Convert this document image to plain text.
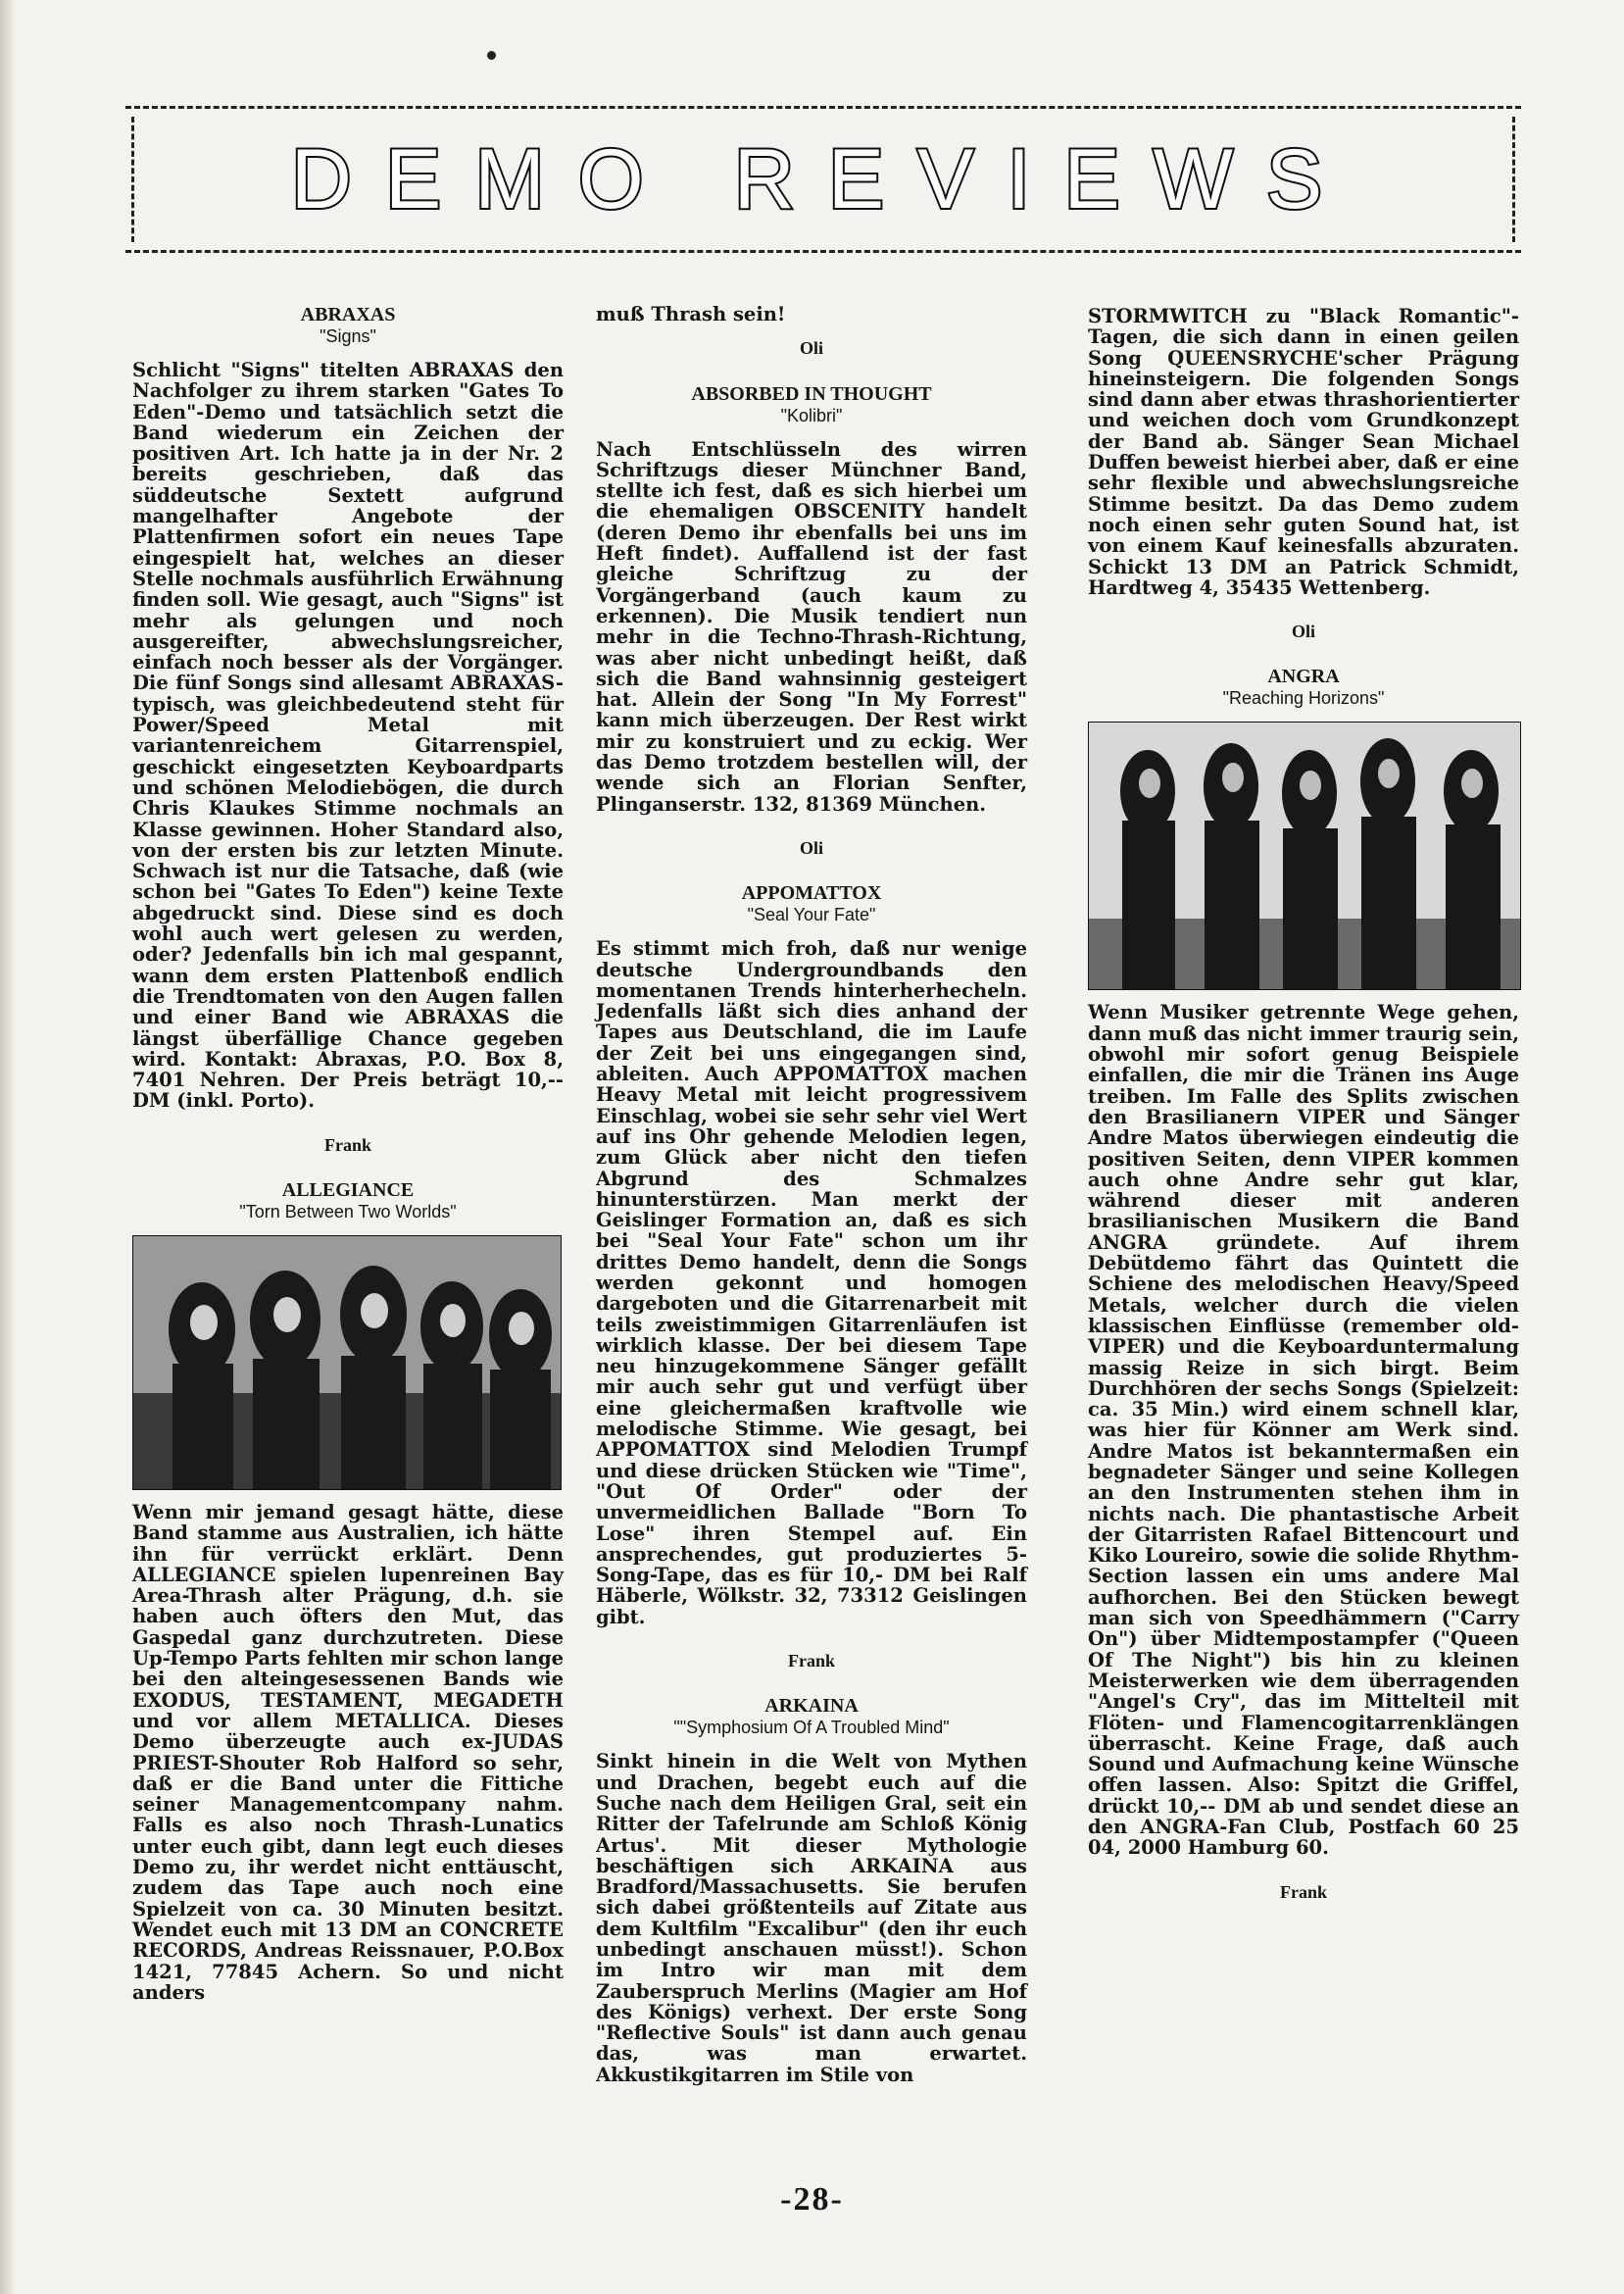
DEMO REVIEWS
ABRAXAS
"Signs"

Schlicht "Signs" titelten ABRAXAS den Nachfolger zu ihrem starken "Gates To Eden"-Demo und tatsächlich setzt die Band wiederum ein Zeichen der positiven Art. Ich hatte ja in der Nr. 2 bereits geschrieben, daß das süddeutsche Sextett aufgrund mangelhafter Angebote der Plattenfirmen sofort ein neues Tape eingespielt hat, welches an dieser Stelle nochmals ausführlich Erwähnung finden soll. Wie gesagt, auch "Signs" ist mehr als gelungen und noch ausgereifter, abwechslungsreicher, einfach noch besser als der Vorgänger. Die fünf Songs sind allesamt ABRAXAS-typisch, was gleichbedeutend steht für Power/Speed Metal mit variantenreichem Gitarrenspiel, geschickt eingesetzten Keyboardparts und schönen Melodiebögen, die durch Chris Klaukes Stimme nochmals an Klasse gewinnen. Hoher Standard also, von der ersten bis zur letzten Minute. Schwach ist nur die Tatsache, daß (wie schon bei "Gates To Eden") keine Texte abgedruckt sind. Diese sind es doch wohl auch wert gelesen zu werden, oder? Jedenfalls bin ich mal gespannt, wann dem ersten Plattenboß endlich die Trendtomaten von den Augen fallen und einer Band wie ABRAXAS die längst überfällige Chance gegeben wird. Kontakt: Abraxas, P.O. Box 8, 7401 Nehren. Der Preis beträgt 10,-- DM (inkl. Porto).

Frank
ALLEGIANCE
"Torn Between Two Worlds"

Wenn mir jemand gesagt hätte, diese Band stamme aus Australien, ich hätte ihn für verrückt erklärt. Denn ALLEGIANCE spielen lupenreinen Bay Area-Thrash alter Prägung, d.h. sie haben auch öfters den Mut, das Gaspedal ganz durchzutreten. Diese Up-Tempo Parts fehlten mir schon lange bei den alteingesessenen Bands wie EXODUS, TESTAMENT, MEGADETH und vor allem METALLICA. Dieses Demo überzeugte auch ex-JUDAS PRIEST-Shouter Rob Halford so sehr, daß er die Band unter die Fittiche seiner Managementcompany nahm. Falls es also noch Thrash-Lunatics unter euch gibt, dann legt euch dieses Demo zu, ihr werdet nicht enttäuscht, zudem das Tape auch noch eine Spielzeit von ca. 30 Minuten besitzt. Wendet euch mit 13 DM an CONCRETE RECORDS, Andreas Reissnauer, P.O.Box 1421, 77845 Achern. So und nicht anders

muß Thrash sein!

Oli
ABSORBED IN THOUGHT
"Kolibri"

Nach Entschlüsseln des wirren Schriftzugs dieser Münchner Band, stellte ich fest, daß es sich hierbei um die ehemaligen OBSCENITY handelt (deren Demo ihr ebenfalls bei uns im Heft findet). Auffallend ist der fast gleiche Schriftzug zu der Vorgängerband (auch kaum zu erkennen). Die Musik tendiert nun mehr in die Techno-Thrash-Richtung, was aber nicht unbedingt heißt, daß sich die Band wahnsinnig gesteigert hat. Allein der Song "In My Forrest" kann mich überzeugen. Der Rest wirkt mir zu konstruiert und zu eckig. Wer das Demo trotzdem bestellen will, der wende sich an Florian Senfter, Plinganserstr. 132, 81369 München.

Oli
APPOMATTOX
"Seal Your Fate"

Es stimmt mich froh, daß nur wenige deutsche Undergroundbands den momentanen Trends hinterherhecheln. Jedenfalls läßt sich dies anhand der Tapes aus Deutschland, die im Laufe der Zeit bei uns eingegangen sind, ableiten. Auch APPOMATTOX machen Heavy Metal mit leicht progressivem Einschlag, wobei sie sehr sehr viel Wert auf ins Ohr gehende Melodien legen, zum Glück aber nicht den tiefen Abgrund des Schmalzes hinunterstürzen. Man merkt der Geislinger Formation an, daß es sich bei "Seal Your Fate" schon um ihr drittes Demo handelt, denn die Songs werden gekonnt und homogen dargeboten und die Gitarrenarbeit mit teils zweistimmigen Gitarrenläufen ist wirklich klasse. Der bei diesem Tape neu hinzugekommene Sänger gefällt mir auch sehr gut und verfügt über eine gleichermaßen kraftvolle wie melodische Stimme. Wie gesagt, bei APPOMATTOX sind Melodien Trumpf und diese drücken Stücken wie "Time", "Out Of Order" oder der unvermeidlichen Ballade "Born To Lose" ihren Stempel auf. Ein ansprechendes, gut produziertes 5-Song-Tape, das es für 10,- DM bei Ralf Häberle, Wölkstr. 32, 73312 Geislingen gibt.

Frank
ARKAINA
""Symphosium Of A Troubled Mind"

Sinkt hinein in die Welt von Mythen und Drachen, begebt euch auf die Suche nach dem Heiligen Gral, seit ein Ritter der Tafelrunde am Schloß König Artus'. Mit dieser Mythologie beschäftigen sich ARKAINA aus Bradford/Massachusetts. Sie berufen sich dabei größtenteils auf Zitate aus dem Kultfilm "Excalibur" (den ihr euch unbedingt anschauen müsst!). Schon im Intro wir man mit dem Zauberspruch Merlins (Magier am Hof des Königs) verhext. Der erste Song "Reflective Souls" ist dann auch genau das, was man erwartet. Akkustikgitarren im Stile von

STORMWITCH zu "Black Romantic"-Tagen, die sich dann in einen geilen Song QUEENSRYCHE'scher Prägung hineinsteigern. Die folgenden Songs sind dann aber etwas thrashorientierter und weichen doch vom Grundkonzept der Band ab. Sänger Sean Michael Duffen beweist hierbei aber, daß er eine sehr flexible und abwechslungsreiche Stimme besitzt. Da das Demo zudem noch einen sehr guten Sound hat, ist von einem Kauf keinesfalls abzuraten. Schickt 13 DM an Patrick Schmidt, Hardtweg 4, 35435 Wettenberg.

Oli
ANGRA
"Reaching Horizons"

Wenn Musiker getrennte Wege gehen, dann muß das nicht immer traurig sein, obwohl mir sofort genug Beispiele einfallen, die mir die Tränen ins Auge treiben. Im Falle des Splits zwischen den Brasilianern VIPER und Sänger Andre Matos überwiegen eindeutig die positiven Seiten, denn VIPER kommen auch ohne Andre sehr gut klar, während dieser mit anderen brasilianischen Musikern die Band ANGRA gründete. Auf ihrem Debütdemo fährt das Quintett die Schiene des melodischen Heavy/Speed Metals, welcher durch die vielen klassischen Einflüsse (remember old-VIPER) und die Keyboarduntermalung massig Reize in sich birgt. Beim Durchhören der sechs Songs (Spielzeit: ca. 35 Min.) wird einem schnell klar, was hier für Könner am Werk sind. Andre Matos ist bekanntermaßen ein begnadeter Sänger und seine Kollegen an den Instrumenten stehen ihm in nichts nach. Die phantastische Arbeit der Gitarristen Rafael Bittencourt und Kiko Loureiro, sowie die solide Rhythm-Section lassen ein ums andere Mal aufhorchen. Bei den Stücken bewegt man sich von Speedhämmern ("Carry On") über Midtempostampfer ("Queen Of The Night") bis hin zu kleinen Meisterwerken wie dem überragenden "Angel's Cry", das im Mittelteil mit Flöten- und Flamencogitarrenklängen überrascht. Keine Frage, daß auch Sound und Aufmachung keine Wünsche offen lassen. Also: Spitzt die Griffel, drückt 10,-- DM ab und sendet diese an den ANGRA-Fan Club, Postfach 60 25 04, 2000 Hamburg 60.

Frank
-28-
